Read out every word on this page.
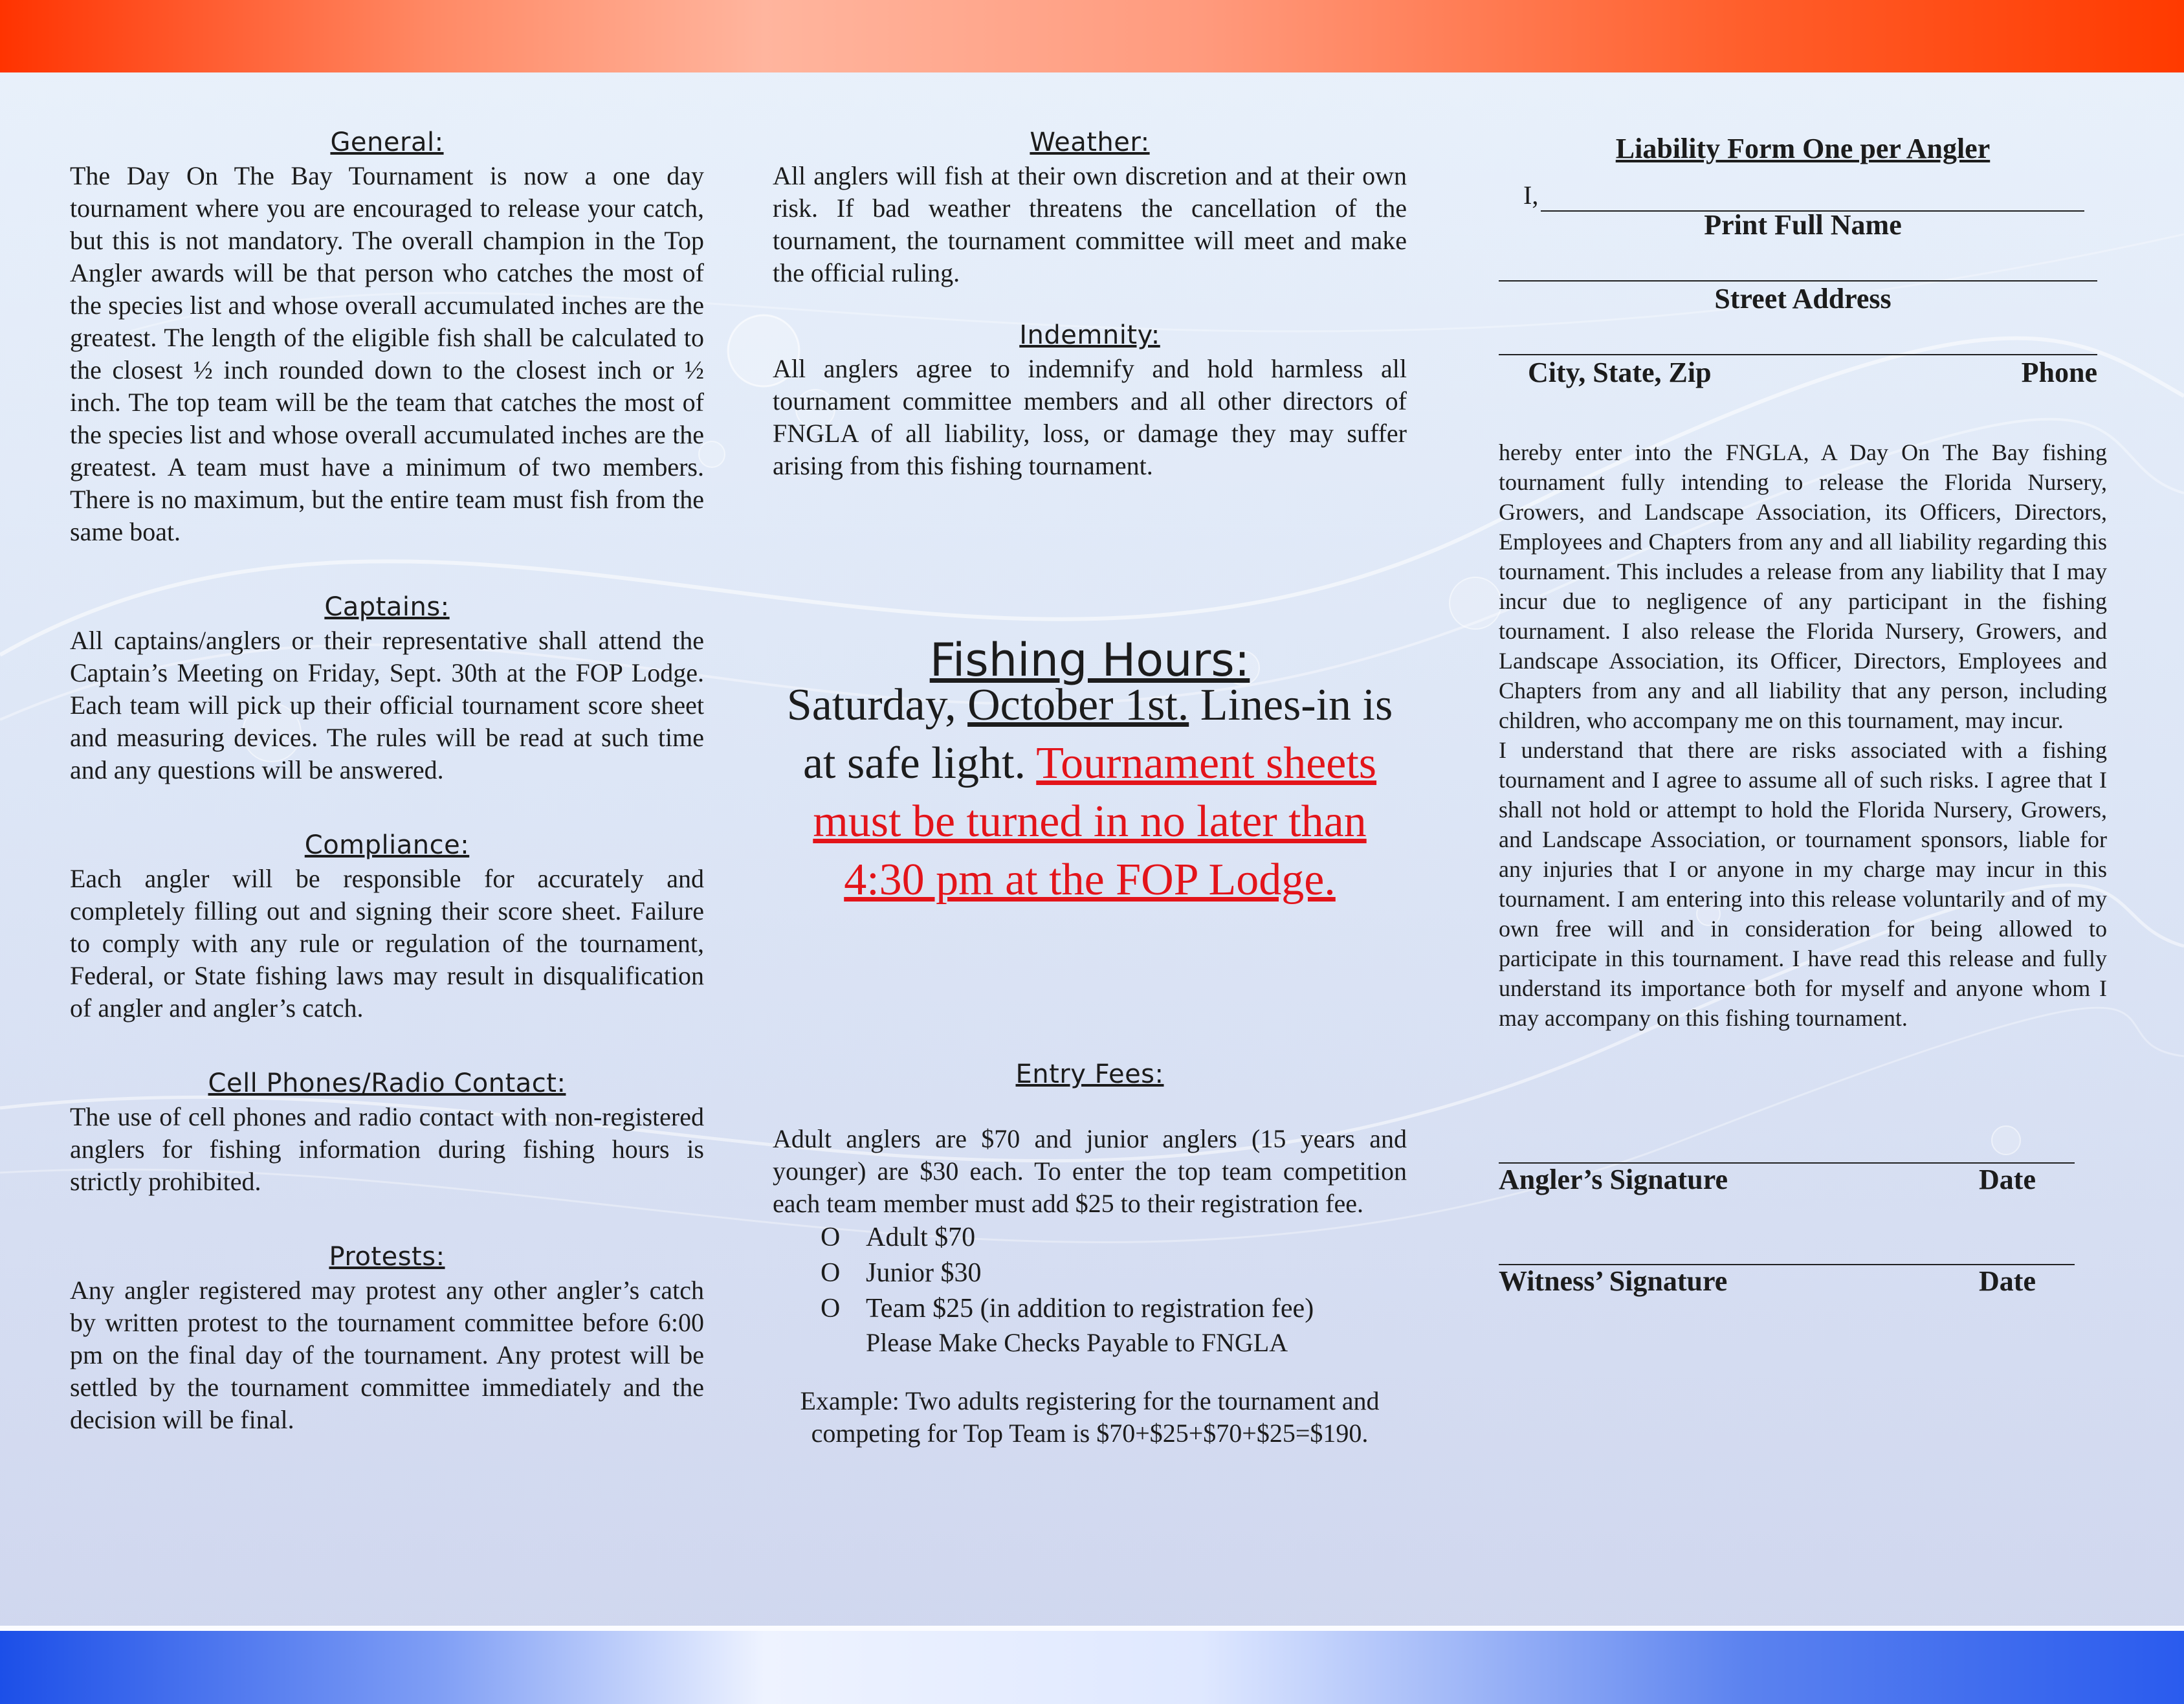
General:

The Day On The Bay Tournament is now a one day tournament where you are encouraged to release your catch, but this is not mandatory. The overall champion in the Top Angler awards will be that person who catches the most of the species list and whose overall accumulated inches are the greatest. The length of the eligible fish shall be calculated to the closest ½ inch rounded down to the closest inch or ½ inch. The top team will be the team that catches the most of the species list and whose overall accumulated inches are the greatest. A team must have a minimum of two members. There is no maximum, but the entire team must fish from the same boat.

Captains:

All captains/anglers or their representative shall attend the Captain’s Meeting on Friday, Sept. 30th at the FOP Lodge. Each team will pick up their official tournament score sheet and measuring devices. The rules will be read at such time and any questions will be answered.

Compliance:

Each angler will be responsible for accurately and completely filling out and signing their score sheet. Failure to comply with any rule or regulation of the tournament, Federal, or State fishing laws may result in disqualification of angler and angler’s catch.

Cell Phones/Radio Contact:

The use of cell phones and radio contact with non-registered anglers for fishing information during fishing hours is strictly prohibited.

Protests:

Any angler registered may protest any other angler’s catch by written protest to the tournament committee before 6:00 pm on the final day of the tournament. Any protest will be settled by the tournament committee immediately and the decision will be final.

Weather:

All anglers will fish at their own discretion and at their own risk. If bad weather threatens the cancellation of the tournament, the tournament committee will meet and make the official ruling.

Indemnity:

All anglers agree to indemnify and hold harmless all tournament committee members and all other directors of FNGLA of all liability, loss, or damage they may suffer arising from this fishing tournament.

Fishing Hours:
Saturday, October 1st. Lines-in is at safe light. Tournament sheets must be turned in no later than 4:30 pm at the FOP Lodge.
Entry Fees:

Adult anglers are $70 and junior anglers (15 years and younger) are $30 each. To enter the top team competition each team member must add $25 to their registration fee.

O Adult $70
O Junior $30
O Team $25 (in addition to registration fee)
Please Make Checks Payable to FNGLA
Example: Two adults registering for the tournament and competing for Top Team is $70+$25+$70+$25=$190.
Liability Form One per Angler
I,
Print Full Name
Street Address
City, State, Zip	Phone

hereby enter into the FNGLA, A Day On The Bay fishing tournament fully intending to release the Florida Nursery, Growers, and Landscape Association, its Officers, Directors, Employees and Chapters from any and all liability regarding this tournament. This includes a release from any liability that I may incur due to negligence of any participant in the fishing tournament. I also release the Florida Nursery, Growers, and Landscape Association, its Officer, Directors, Employees and Chapters from any and all liability that any person, including children, who accompany me on this tournament, may incur.

I understand that there are risks associated with a fishing tournament and I agree to assume all of such risks. I agree that I shall not hold or attempt to hold the Florida Nursery, Growers, and Landscape Association, or tournament sponsors, liable for any injuries that I or anyone in my charge may incur in this tournament. I am entering into this release voluntarily and of my own free will and in consideration for being allowed to participate in this tournament. I have read this release and fully understand its importance both for myself and anyone whom I may accompany on this fishing tournament.

Angler’s Signature	Date
Witness’ Signature	Date
